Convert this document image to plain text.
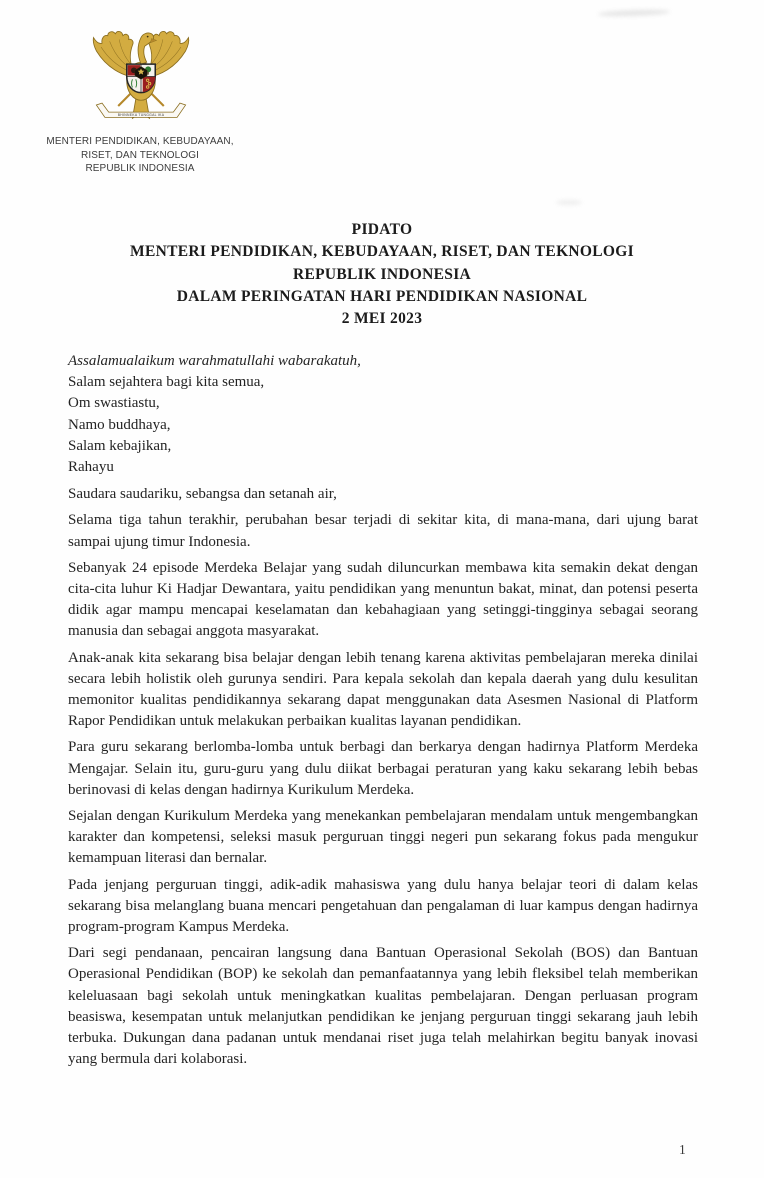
BHINNEKA TUNGGAL IKA
MENTERI PENDIDIKAN, KEBUDAYAAN,
RISET, DAN TEKNOLOGI
REPUBLIK INDONESIA
PIDATO
MENTERI PENDIDIKAN, KEBUDAYAAN, RISET, DAN TEKNOLOGI
REPUBLIK INDONESIA
DALAM PERINGATAN HARI PENDIDIKAN NASIONAL
2 MEI 2023
Assalamualaikum warahmatullahi wabarakatuh,
Salam sejahtera bagi kita semua,
Om swastiastu,
Namo buddhaya,
Salam kebajikan,
Rahayu
Saudara saudariku, sebangsa dan setanah air,

Selama tiga tahun terakhir, perubahan besar terjadi di sekitar kita, di mana-mana, dari ujung barat sampai ujung timur Indonesia.

Sebanyak 24 episode Merdeka Belajar yang sudah diluncurkan membawa kita semakin dekat dengan cita-cita luhur Ki Hadjar Dewantara, yaitu pendidikan yang menuntun bakat, minat, dan potensi peserta didik agar mampu mencapai keselamatan dan kebahagiaan yang setinggi-tingginya sebagai seorang manusia dan sebagai anggota masyarakat.

Anak-anak kita sekarang bisa belajar dengan lebih tenang karena aktivitas pembelajaran mereka dinilai secara lebih holistik oleh gurunya sendiri. Para kepala sekolah dan kepala daerah yang dulu kesulitan memonitor kualitas pendidikannya sekarang dapat menggunakan data Asesmen Nasional di Platform Rapor Pendidikan untuk melakukan perbaikan kualitas layanan pendidikan.

Para guru sekarang berlomba-lomba untuk berbagi dan berkarya dengan hadirnya Platform Merdeka Mengajar. Selain itu, guru-guru yang dulu diikat berbagai peraturan yang kaku sekarang lebih bebas berinovasi di kelas dengan hadirnya Kurikulum Merdeka.

Sejalan dengan Kurikulum Merdeka yang menekankan pembelajaran mendalam untuk mengembangkan karakter dan kompetensi, seleksi masuk perguruan tinggi negeri pun sekarang fokus pada mengukur kemampuan literasi dan bernalar.

Pada jenjang perguruan tinggi, adik-adik mahasiswa yang dulu hanya belajar teori di dalam kelas sekarang bisa melanglang buana mencari pengetahuan dan pengalaman di luar kampus dengan hadirnya program-program Kampus Merdeka.

Dari segi pendanaan, pencairan langsung dana Bantuan Operasional Sekolah (BOS) dan Bantuan Operasional Pendidikan (BOP) ke sekolah dan pemanfaatannya yang lebih fleksibel telah memberikan keleluasaan bagi sekolah untuk meningkatkan kualitas pembelajaran. Dengan perluasan program beasiswa, kesempatan untuk melanjutkan pendidikan ke jenjang perguruan tinggi sekarang jauh lebih terbuka. Dukungan dana padanan untuk mendanai riset juga telah melahirkan begitu banyak inovasi yang bermula dari kolaborasi.

1
